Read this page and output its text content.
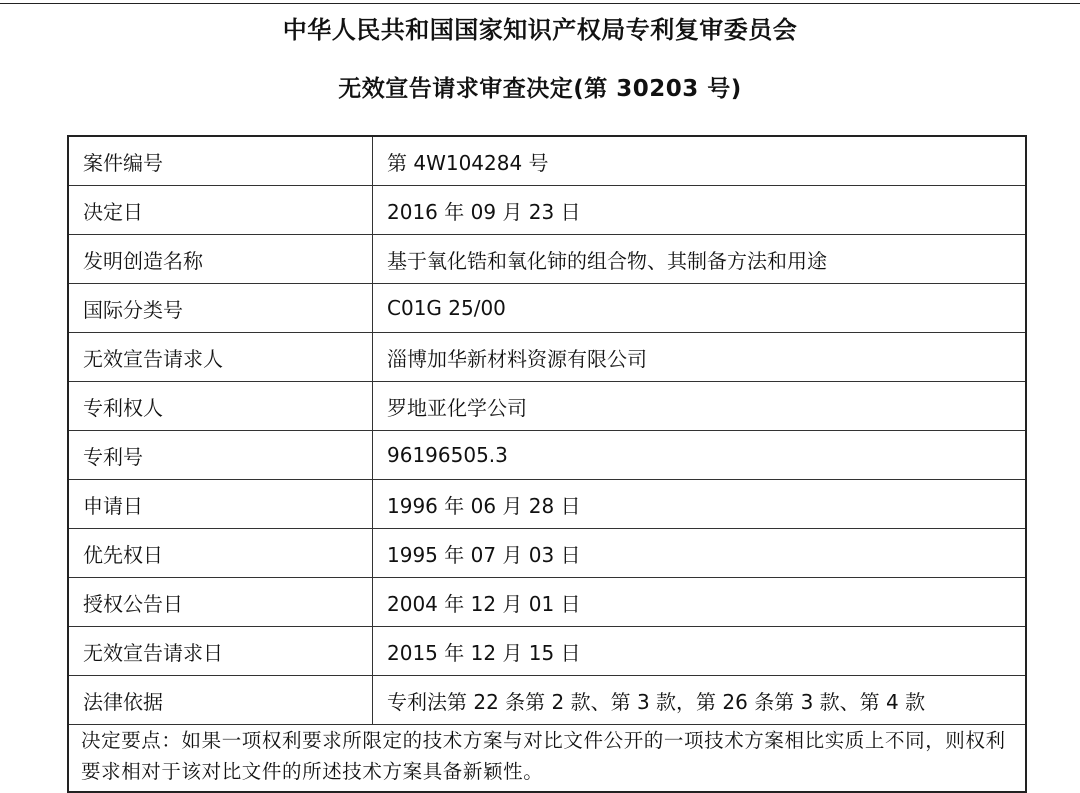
中华人民共和国国家知识产权局专利复审委员会
无效宣告请求审查决定(第 30203 号)
案件编号	第 4W104284 号
决定日	2016 年 09 月 23 日
发明创造名称	基于氧化锆和氧化铈的组合物、其制备方法和用途
国际分类号	C01G 25/00
无效宣告请求人	淄博加华新材料资源有限公司
专利权人	罗地亚化学公司
专利号	96196505.3
申请日	1996 年 06 月 28 日
优先权日	1995 年 07 月 03 日
授权公告日	2004 年 12 月 01 日
无效宣告请求日	2015 年 12 月 15 日
法律依据	专利法第 22 条第 2 款、第 3 款，第 26 条第 3 款、第 4 款
决定要点：如果一项权利要求所限定的技术方案与对比文件公开的一项技术方案相比实质上不同，则权利要求相对于该对比文件的所述技术方案具备新颖性。	
